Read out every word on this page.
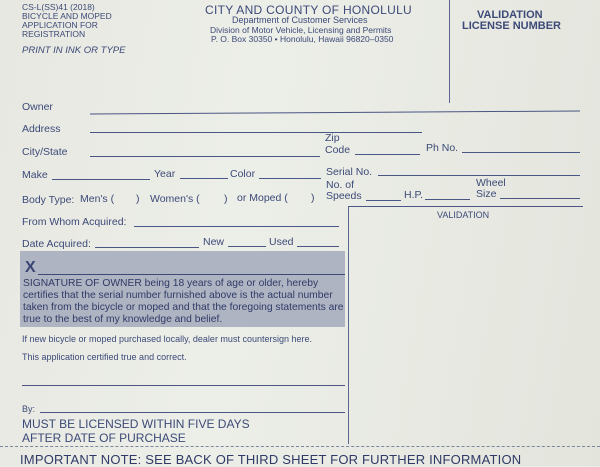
CS-L(SS)41 (2018)
BICYCLE AND MOPED
APPLICATION FOR
REGISTRATION
PRINT IN INK OR TYPE
CITY AND COUNTY OF HONOLULU
Department of Customer Services
Division of Motor Vehicle, Licensing and Permits
P. O. Box 30350 • Honolulu, Hawaii 96820–0350
VALIDATION
LICENSE NUMBER
Owner
Address
City/State
Zip
Code	Ph No.
Make	Year	Color	Serial No.
Body Type: Men's ( ) Women's ( ) or Moped ( )
No. of
Speeds	H.P.
Wheel
Size
VALIDATION
From Whom Acquired:
Date Acquired:	New	Used
X
SIGNATURE OF OWNER being 18 years of age or older, hereby certifies that the serial number furnished above is the actual number taken from the bicycle or moped and that the foregoing statements are true to the best of my knowledge and belief.
If new bicycle or moped purchased locally, dealer must countersign here.
This application certified true and correct.
By:
MUST BE LICENSED WITHIN FIVE DAYS
AFTER DATE OF PURCHASE
IMPORTANT NOTE: SEE BACK OF THIRD SHEET FOR FURTHER INFORMATION
